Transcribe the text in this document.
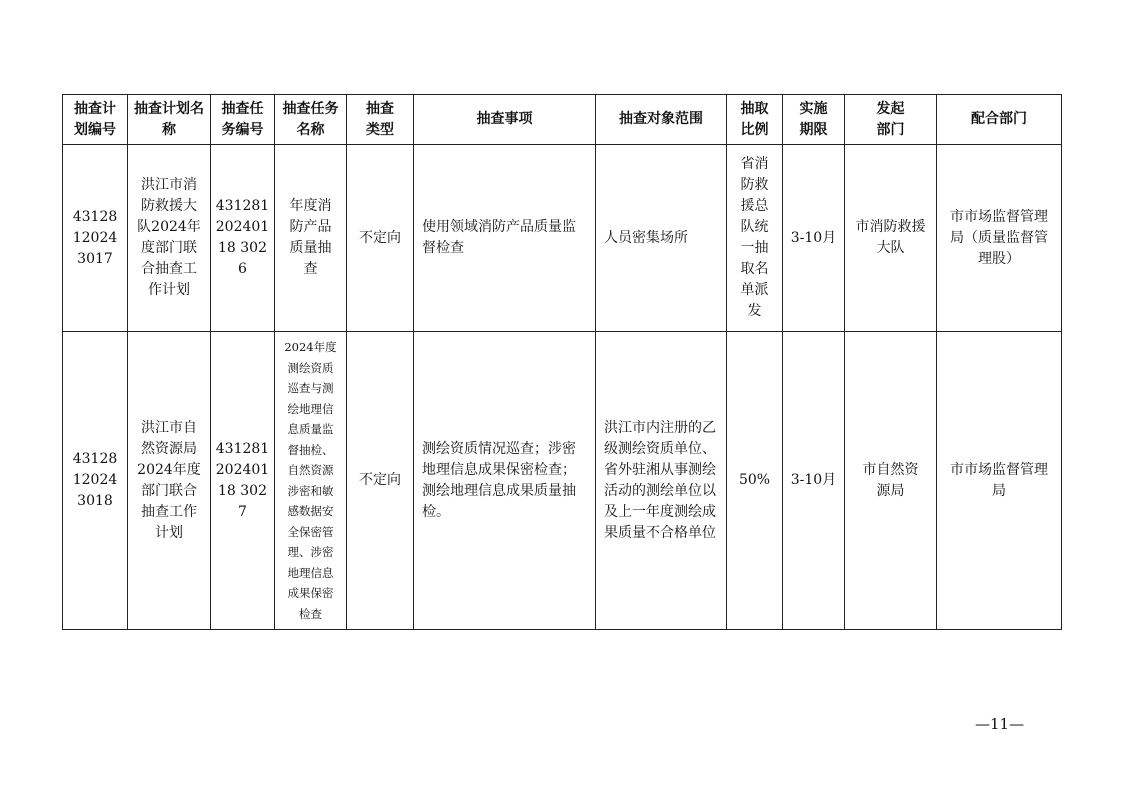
抽查计划编号	抽查计划名称	抽查任务编号	抽查任务名称	抽查类型	抽查事项	抽查对象范围	抽取比例	实施期限	发起部门	配合部门

43128120243017	洪江市消防救援大队2024年度部门联合抽查工作计划	43128120240118 3026	年度消防产品质量抽查	不定向	使用领域消防产品质量监督检查	人员密集场所	省消防救援总队统一抽取名单派发	3-10月	市消防救援大队	市市场监督管理局（质量监督管理股）

43128120243018	洪江市自然资源局2024年度部门联合抽查工作计划	43128120240118 3027	2024年度测绘资质巡查与测绘地理信息质量监督抽检、自然资源涉密和敏感数据安全保密管理、涉密地理信息成果保密检查	不定向	测绘资质情况巡查；涉密地理信息成果保密检查；测绘地理信息成果质量抽检。	洪江市内注册的乙级测绘资质单位、省外驻湘从事测绘活动的测绘单位以及上一年度测绘成果质量不合格单位	50%	3-10月	市自然资源局	市市场监督管理局
—11—
